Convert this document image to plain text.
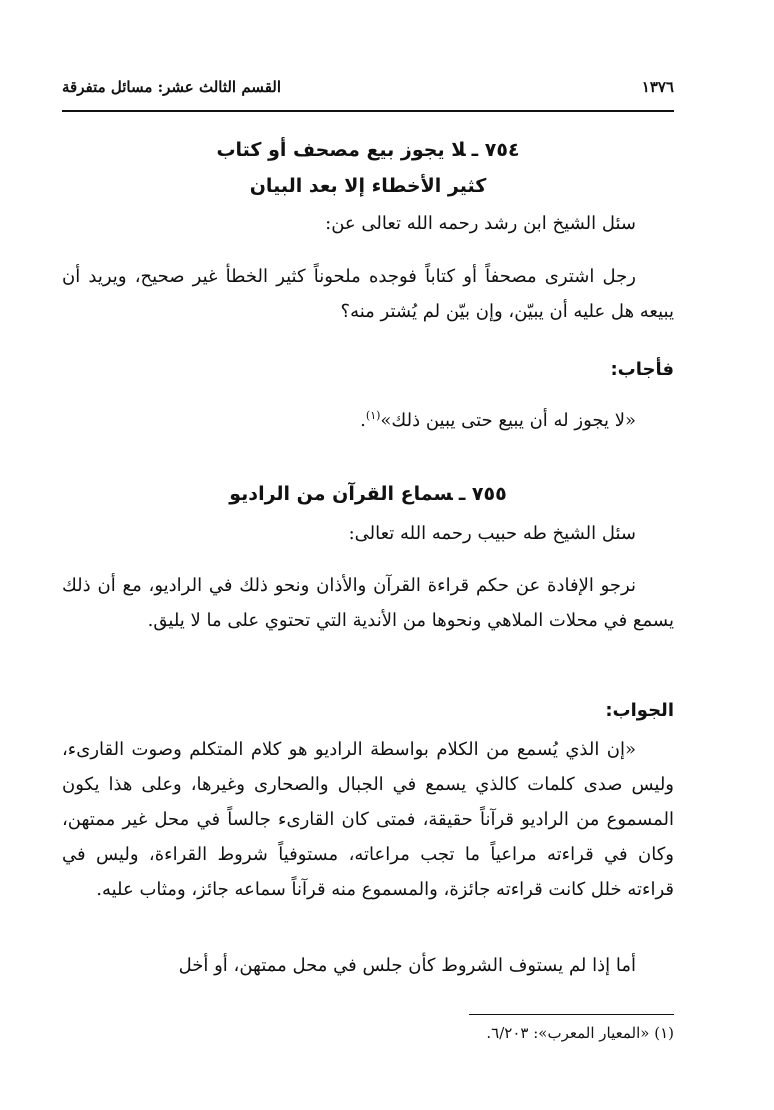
١٣٧٦
القسم الثالث عشر: مسائل متفرقة
٧٥٤ ـلا يجوز بيع مصحف أو كتاب
كثير الأخطاء إلا بعد البيان
سئل الشيخ ابن رشد رحمه الله تعالى عن:
رجل اشترى مصحفاً أو كتاباً فوجده ملحوناً كثير الخطأ غير صحيح، ويريد أن يبيعه هل عليه أن يبيّن، وإن بيّن لم يُشتر منه؟
فأجاب:
«لا يجوز له أن يبيع حتى يبين ذلك»$^{(١)}$.
٧٥٥ ـسماع القرآن من الراديو
سئل الشيخ طه حبيب رحمه الله تعالى:
نرجو الإفادة عن حكم قراءة القرآن والأذان ونحو ذلك في الراديو، مع أن ذلك يسمع في محلات الملاهي ونحوها من الأندية التي تحتوي على ما لا يليق.
الجواب:
«إن الذي يُسمع من الكلام بواسطة الراديو هو كلام المتكلم وصوت القارىء، وليس صدى كلمات كالذي يسمع في الجبال والصحارى وغيرها، وعلى هذا يكون المسموع من الراديو قرآناً حقيقة، فمتى كان القارىء جالساً في محل غير ممتهن، وكان في قراءته مراعياً ما تجب مراعاته، مستوفياً شروط القراءة، وليس في قراءته خلل كانت قراءته جائزة، والمسموع منه قرآناً سماعه جائز، ومثاب عليه.
أما إذا لم يستوف الشروط كأن جلس في محل ممتهن، أو أخل
(١) «المعيار المعرب»: ٦/٢٠٣.
